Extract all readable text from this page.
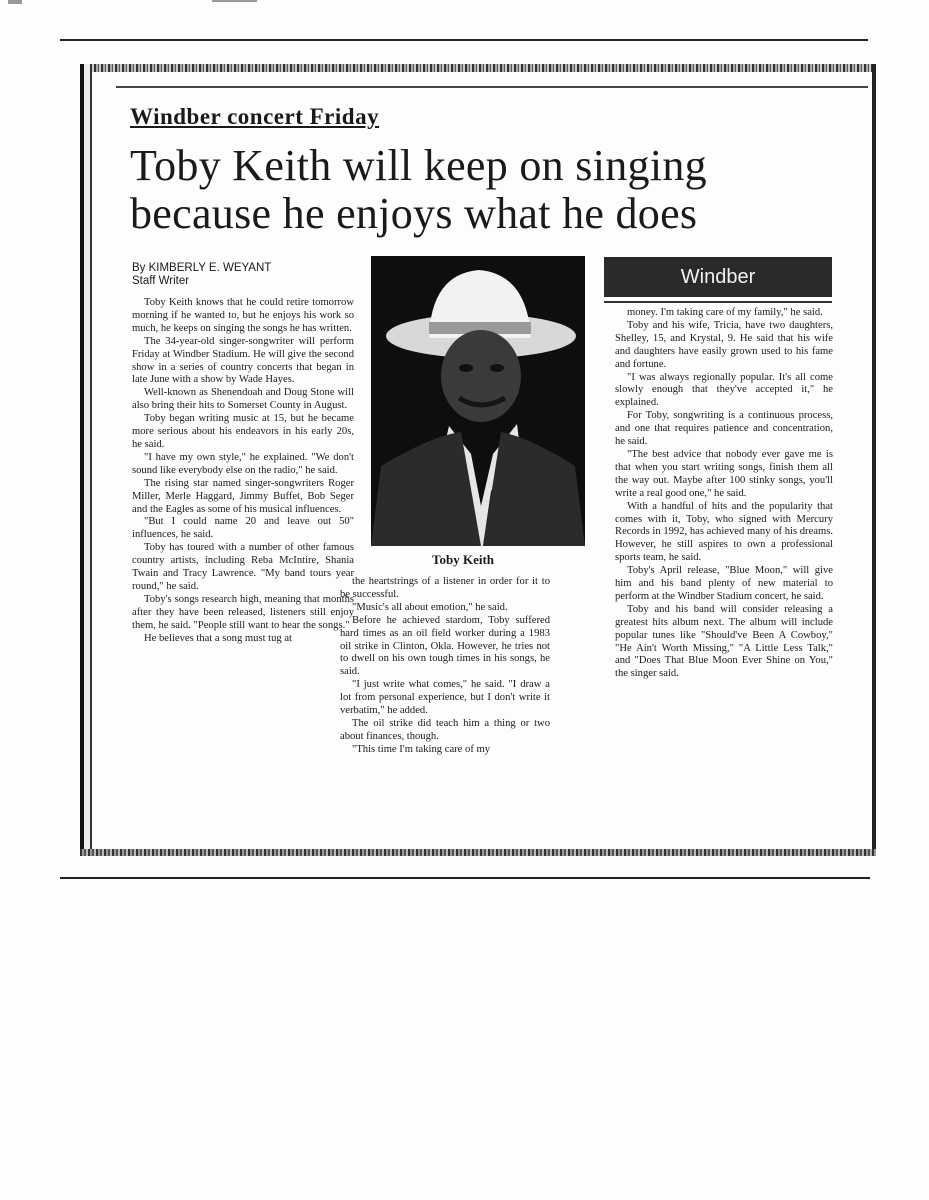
Windber concert Friday
Toby Keith will keep on singing
because he enjoys what he does
By KIMBERLY E. WEYANT
Staff Writer

Toby Keith knows that he could retire tomorrow morning if he wanted to, but he enjoys his work so much, he keeps on singing the songs he has written.

The 34-year-old singer-songwriter will perform Friday at Windber Stadium. He will give the second show in a series of country concerts that began in late June with a show by Wade Hayes.

Well-known as Shenendoah and Doug Stone will also bring their hits to Somerset County in August.

Toby began writing music at 15, but he became more serious about his endeavors in his early 20s, he said.

"I have my own style," he explained. "We don't sound like everybody else on the radio," he said.

The rising star named singer-songwriters Roger Miller, Merle Haggard, Jimmy Buffet, Bob Seger and the Eagles as some of his musical influences.

"But I could name 20 and leave out 50" influences, he said.

Toby has toured with a number of other famous country artists, including Reba McIntire, Shania Twain and Tracy Lawrence. "My band tours year round," he said.

Toby's songs research high, meaning that months after they have been released, listeners still enjoy them, he said. "People still want to hear the songs."

He believes that a song must tug at

Toby Keith

the heartstrings of a listener in order for it to be successful.

"Music's all about emotion," he said.

Before he achieved stardom, Toby suffered hard times as an oil field worker during a 1983 oil strike in Clinton, Okla. However, he tries not to dwell on his own tough times in his songs, he said.

"I just write what comes," he said. "I draw a lot from personal experience, but I don't write it verbatim," he added.

The oil strike did teach him a thing or two about finances, though.

"This time I'm taking care of my

Windber

money. I'm taking care of my family," he said.

Toby and his wife, Tricia, have two daughters, Shelley, 15, and Krystal, 9. He said that his wife and daughters have easily grown used to his fame and fortune.

"I was always regionally popular. It's all come slowly enough that they've accepted it," he explained.

For Toby, songwriting is a continuous process, and one that requires patience and concentration, he said.

"The best advice that nobody ever gave me is that when you start writing songs, finish them all the way out. Maybe after 100 stinky songs, you'll write a real good one," he said.

With a handful of hits and the popularity that comes with it, Toby, who signed with Mercury Records in 1992, has achieved many of his dreams. However, he still aspires to own a professional sports team, he said.

Toby's April release, "Blue Moon," will give him and his band plenty of new material to perform at the Windber Stadium concert, he said.

Toby and his band will consider releasing a greatest hits album next. The album will include popular tunes like "Should've Been A Cowboy," "He Ain't Worth Missing," "A Little Less Talk," and "Does That Blue Moon Ever Shine on You," the singer said.
